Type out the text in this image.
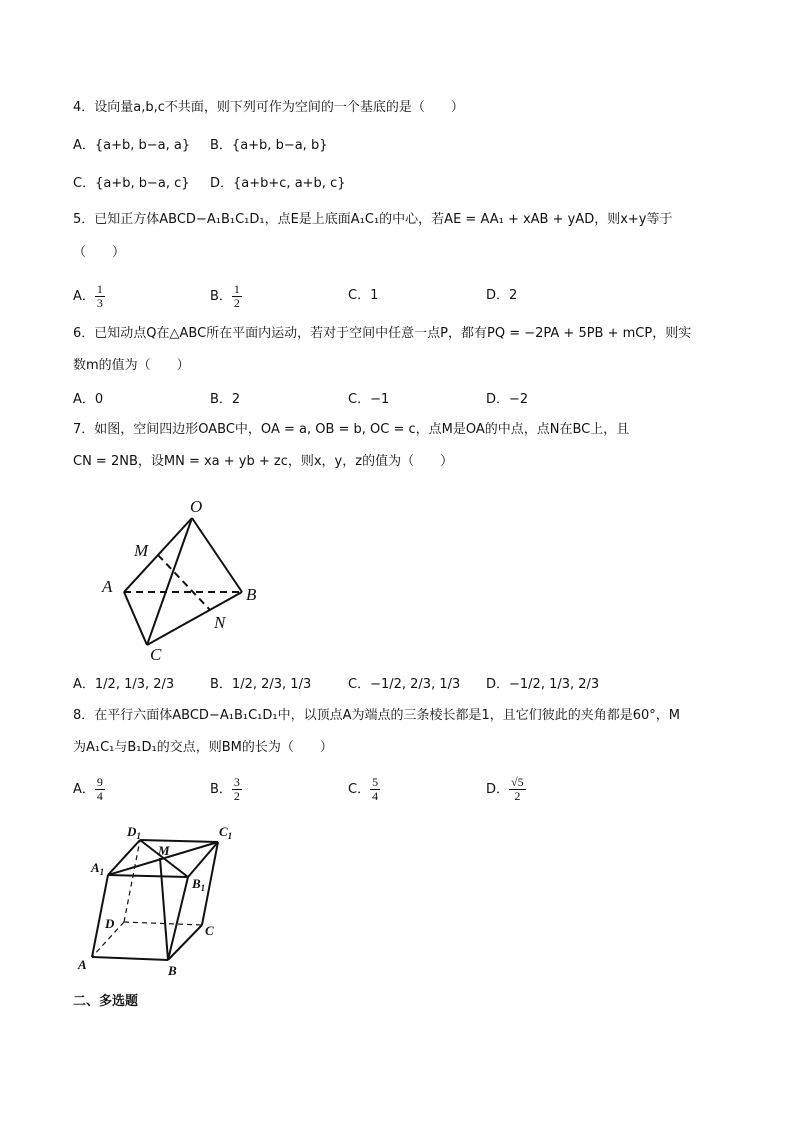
4．设向量a,b,c不共面，则下列可作为空间的一个基底的是（　　）
A．{a+b, b−a, a} B．{a+b, b−a, b}
C．{a+b, b−a, c} D．{a+b+c, a+b, c}
5．已知正方体ABCD−A₁B₁C₁D₁，点E是上底面A₁C₁的中心，若AE = AA₁ + xAB + yAD，则x+y等于
（　　）
A． $\frac{1}{3}$	B． $\frac{1}{2}$	C．1	D．2
6．已知动点Q在△ABC所在平面内运动，若对于空间中任意一点P，都有PQ = −2PA + 5PB + mCP，则实
数m的值为（　　）
A．0	B．2	C．−1	D．−2
7．如图，空间四边形OABC中，OA = a, OB = b, OC = c，点M是OA的中点，点N在BC上，且
CN = 2NB，设MN = xa + yb + zc，则x，y，z的值为（　　）
O
M
A	B
N
C
A．1/2, 1/3, 2/3	B．1/2, 2/3, 1/3	C．−1/2, 2/3, 1/3 D．−1/2, 1/3, 2/3
8．在平行六面体ABCD−A₁B₁C₁D₁中，以顶点A为端点的三条棱长都是1，且它们彼此的夹角都是60°，M
为A₁C₁与B₁D₁的交点，则BM的长为（　　）
A． $\frac{9}{4}$	B． $\frac{3}{2}$	C． $\frac{5}{4}$	D． $\frac{√5}{2}$
$D_1$	$C_1$
$A_1$
M
$B_1$
D	C
A	B
二、多选题
